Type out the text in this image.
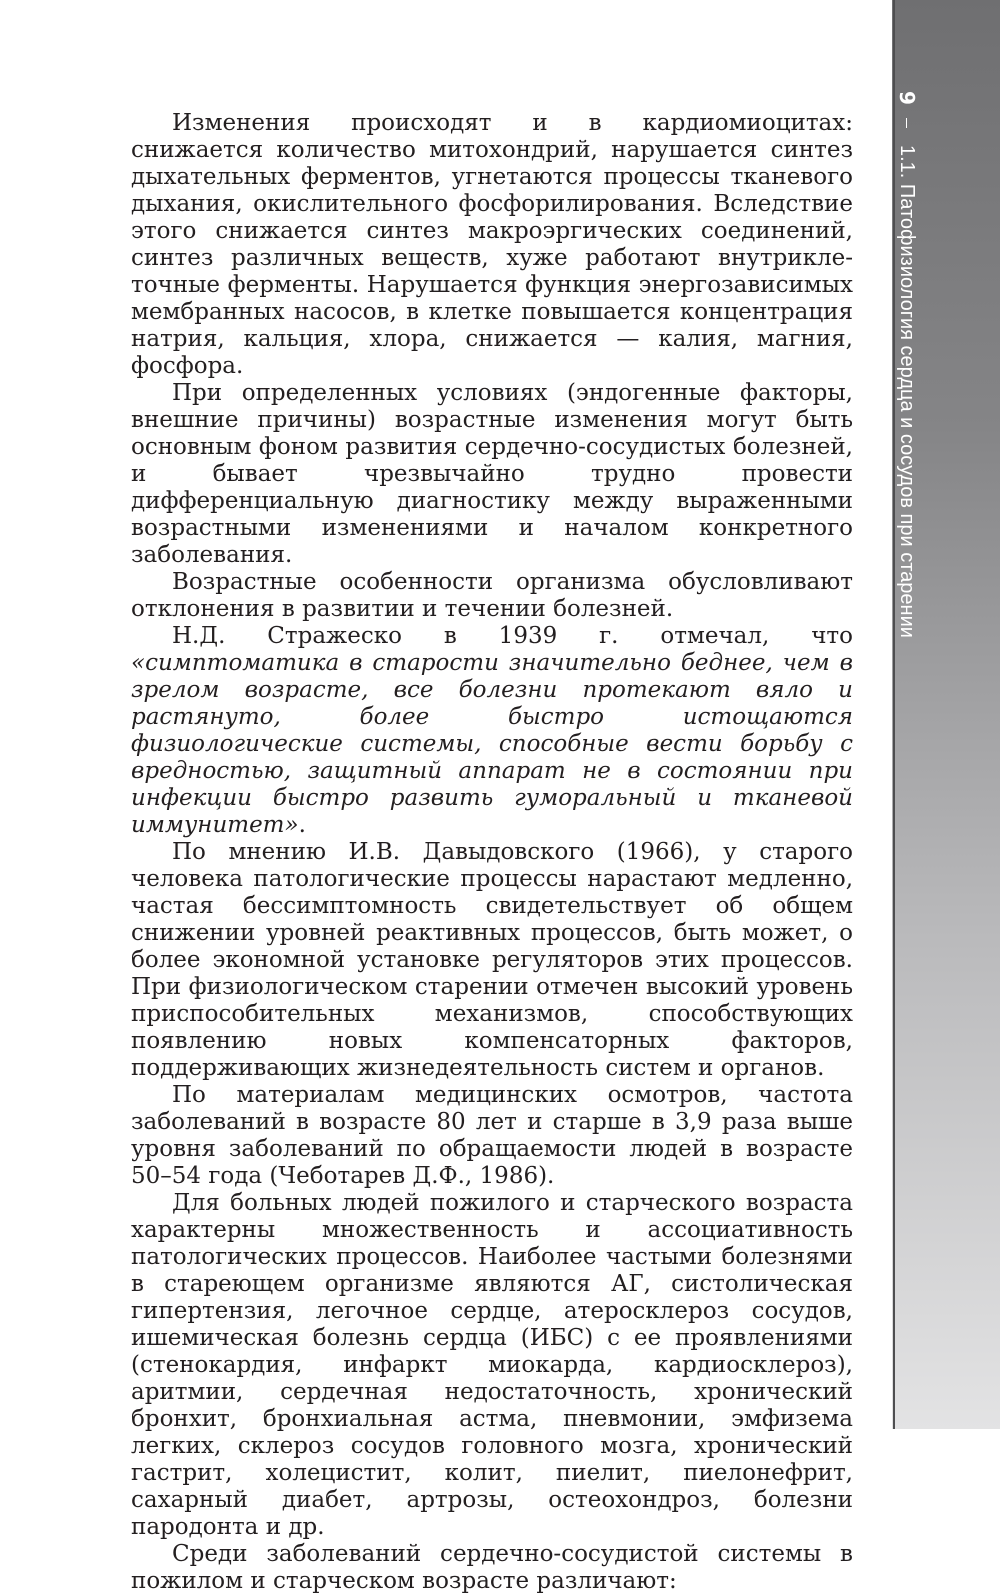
9
1.1. Патофизиология сердца и сосудов при старении

Изменения происходят и в кардиомиоцитах: снижается количество митохондрий, нарушается синтез дыхательных ферментов, угнетаются процессы тканевого дыхания, окислительного фосфорилирования. Вследствие этого снижается синтез макроэргических соединений, синтез различных веществ, хуже работают внутриклеточные ферменты. Нарушается функция энергозависимых мембранных насосов, в клетке повышается концентрация натрия, кальция, хлора, снижается — калия, магния, фосфора.

При определенных условиях (эндогенные факторы, внешние причины) возрастные изменения могут быть основным фоном развития сердечно-сосудистых болезней, и бывает чрезвычайно трудно провести дифференциальную диагностику между выраженными возрастными изменениями и началом конкретного заболевания.

Возрастные особенности организма обусловливают отклонения в развитии и течении болезней.

Н.Д. Стражеско в 1939 г. отмечал, что «симптоматика в старости значительно беднее, чем в зрелом возрасте, все болезни протекают вяло и растянуто, более быстро истощаются физиологические системы, способные вести борьбу с вредностью, защитный аппарат не в состоянии при инфекции быстро развить гуморальный и тканевой иммунитет».

По мнению И.В. Давыдовского (1966), у старого человека патологические процессы нарастают медленно, частая бессимптомность свидетельствует об общем снижении уровней реактивных процессов, быть может, о более экономной установке регуляторов этих процессов. При физиологическом старении отмечен высокий уровень приспособительных механизмов, способствующих появлению новых компенсаторных факторов, поддерживающих жизнедеятельность систем и органов.

По материалам медицинских осмотров, частота заболеваний в возрасте 80 лет и старше в 3,9 раза выше уровня заболеваний по обращаемости людей в возрасте 50–54 года (Чеботарев Д.Ф., 1986).

Для больных людей пожилого и старческого возраста характерны множественность и ассоциативность патологических процессов. Наиболее частыми болезнями в стареющем организме являются АГ, систолическая гипертензия, легочное сердце, атеросклероз сосудов, ишемическая болезнь сердца (ИБС) с ее проявлениями (стенокардия, инфаркт миокарда, кардиосклероз), аритмии, сердечная недостаточность, хронический бронхит, бронхиальная астма, пневмонии, эмфизема легких, склероз сосудов головного мозга, хронический гастрит, холецистит, колит, пиелит, пиелонефрит, сахарный диабет, артрозы, остеохондроз, болезни пародонта и др.

Среди заболеваний сердечно-сосудистой системы в пожилом и старческом возрасте различают:
